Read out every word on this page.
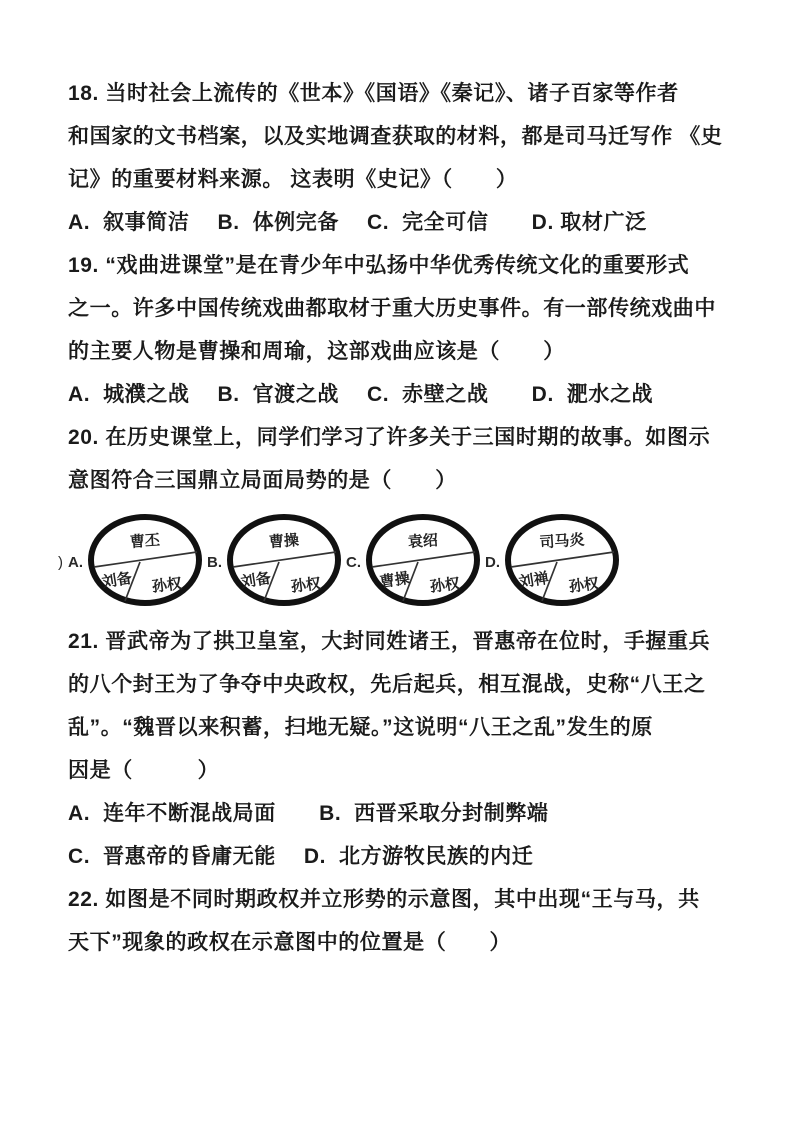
18. 当时社会上流传的《世本》《国语》《秦记》、诸子百家等作者
和国家的文书档案，以及实地调查获取的材料，都是司马迁写作 《史
记》的重要材料来源。 这表明《史记》（　　）
A.  叙事简洁　 B.  体例完备　 C.  完全可信　　D. 取材广泛
19. “戏曲进课堂”是在青少年中弘扬中华优秀传统文化的重要形式
之一。许多中国传统戏曲都取材于重大历史事件。有一部传统戏曲中
的主要人物是曹操和周瑜，这部戏曲应该是（　　）
A.  城濮之战　 B.  官渡之战　 C.  赤壁之战　　D.  淝水之战
20. 在历史课堂上，同学们学习了许多关于三国时期的故事。如图示
意图符合三国鼎立局面局势的是（　　）
) A.
曹丕
刘备 孙权
B.
曹操
刘备 孙权
C.
袁绍
曹操 孙权
D.
司马炎
刘禅 孙权
21. 晋武帝为了拱卫皇室，大封同姓诸王，晋惠帝在位时，手握重兵
的八个封王为了争夺中央政权，先后起兵，相互混战，史称“八王之
乱”。“魏晋以来积蓄，扫地无疑。”这说明“八王之乱”发生的原
因是（　　　）
A.  连年不断混战局面　　B.  西晋采取分封制弊端
C.  晋惠帝的昏庸无能　 D.  北方游牧民族的内迁
22. 如图是不同时期政权并立形势的示意图，其中出现“王与马，共
天下”现象的政权在示意图中的位置是（　　）
